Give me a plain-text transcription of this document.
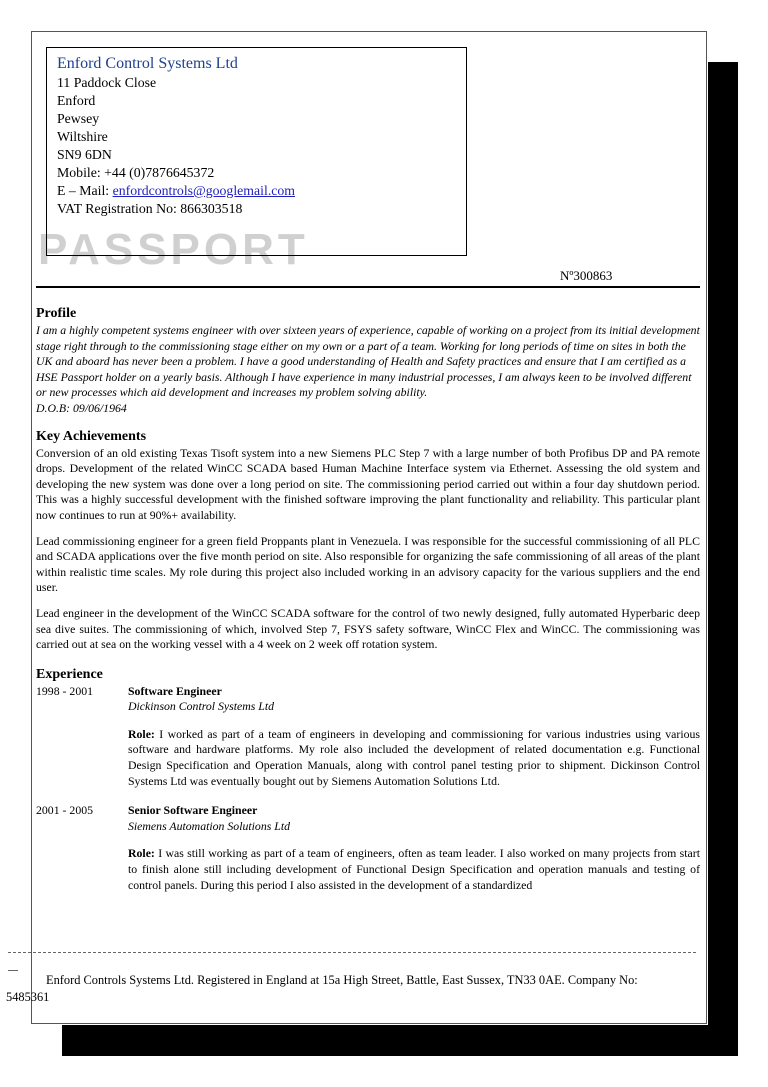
PASSPORT
Enford Control Systems Ltd
11 Paddock Close
Enford
Pewsey
Wiltshire
SN9 6DN
Mobile: +44 (0)7876645372
E – Mail: enfordcontrols@googlemail.com
VAT Registration No: 866303518
Nº300863
Profile
I am a highly competent systems engineer with over sixteen years of experience, capable of working on a project from its initial development stage right through to the commissioning stage either on my own or a part of a team. Working for long periods of time on sites in both the UK and aboard has never been a problem. I have a good understanding of Health and Safety practices and ensure that I am certified as a HSE Passport holder on a yearly basis. Although I have experience in many industrial processes, I am always keen to be involved different or new processes which aid development and increases my problem solving ability.
D.O.B: 09/06/1964
Key Achievements

Conversion of an old existing Texas Tisoft system into a new Siemens PLC Step 7 with a large number of both Profibus DP and PA remote drops. Development of the related WinCC SCADA based Human Machine Interface system via Ethernet. Assessing the old system and developing the new system was done over a long period on site. The commissioning period carried out within a four day shutdown period. This was a highly successful development with the finished software improving the plant functionality and reliability. This particular plant now continues to run at 90%+ availability.

Lead commissioning engineer for a green field Proppants plant in Venezuela. I was responsible for the successful commissioning of all PLC and SCADA applications over the five month period on site. Also responsible for organizing the safe commissioning of all areas of the plant within realistic time scales. My role during this project also included working in an advisory capacity for the various suppliers and the end user.

Lead engineer in the development of the WinCC SCADA software for the control of two newly designed, fully automated Hyperbaric deep sea dive suites. The commissioning of which, involved Step 7, FSYS safety software, WinCC Flex and WinCC. The commissioning was carried out at sea on the working vessel with a 4 week on 2 week off rotation system.

Experience
1998 - 2001	Software Engineer
Dickinson Control Systems Ltd
Role: I worked as part of a team of engineers in developing and commissioning for various industries using various software and hardware platforms. My role also included the development of related documentation e.g. Functional Design Specification and Operation Manuals, along with control panel testing prior to shipment. Dickinson Control Systems Ltd was eventually bought out by Siemens Automation Solutions Ltd.
2001 - 2005	Senior Software Engineer
Siemens Automation Solutions Ltd
Role: I was still working as part of a team of engineers, often as team leader. I also worked on many projects from start to finish alone still including development of Functional Design Specification and operation manuals and testing of control panels. During this period I also assisted in the development of a standardized
Enford Controls Systems Ltd. Registered in England at 15a High Street, Battle, East Sussex, TN33 0AE. Company No:
5485361
